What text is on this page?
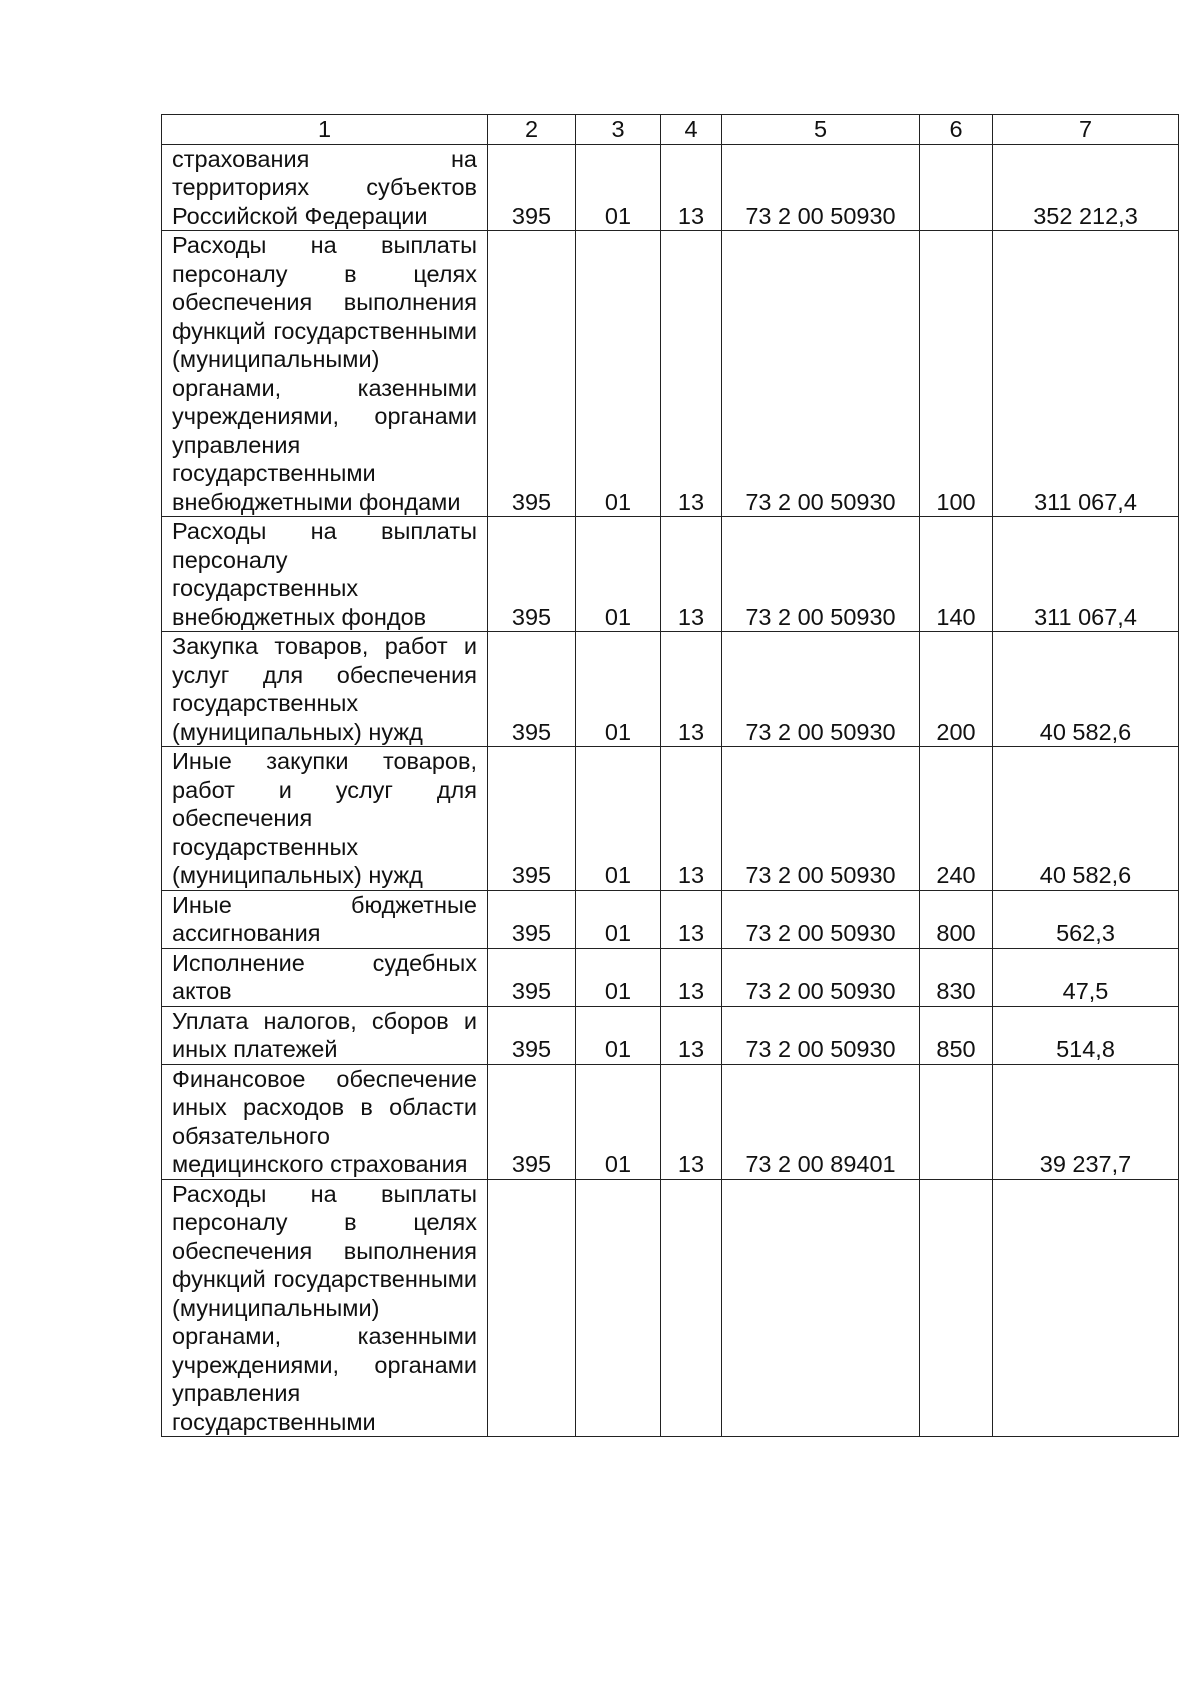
1	2	3	4	5	6	7
страхования на территориях субъектов Российской Федерации	395	01	13	73 2 00 50930		352 212,3
Расходы на выплаты персоналу в целях обеспечения выполнения функций государственными (муниципальными) органами, казенными учреждениями, органами управления государственными внебюджетными фондами	395	01	13	73 2 00 50930	100	311 067,4
Расходы на выплаты персоналу государственных внебюджетных фондов	395	01	13	73 2 00 50930	140	311 067,4
Закупка товаров, работ и услуг для обеспечения государственных (муниципальных) нужд	395	01	13	73 2 00 50930	200	40 582,6
Иные закупки товаров, работ и услуг для обеспечения государственных (муниципальных) нужд	395	01	13	73 2 00 50930	240	40 582,6
Иные бюджетные ассигнования	395	01	13	73 2 00 50930	800	562,3
Исполнение судебных актов	395	01	13	73 2 00 50930	830	47,5
Уплата налогов, сборов и иных платежей	395	01	13	73 2 00 50930	850	514,8
Финансовое обеспечение иных расходов в области обязательного медицинского страхования	395	01	13	73 2 00 89401		39 237,7
Расходы на выплаты персоналу в целях обеспечения выполнения функций государственными (муниципальными) органами, казенными учреждениями, органами управления государственными						
